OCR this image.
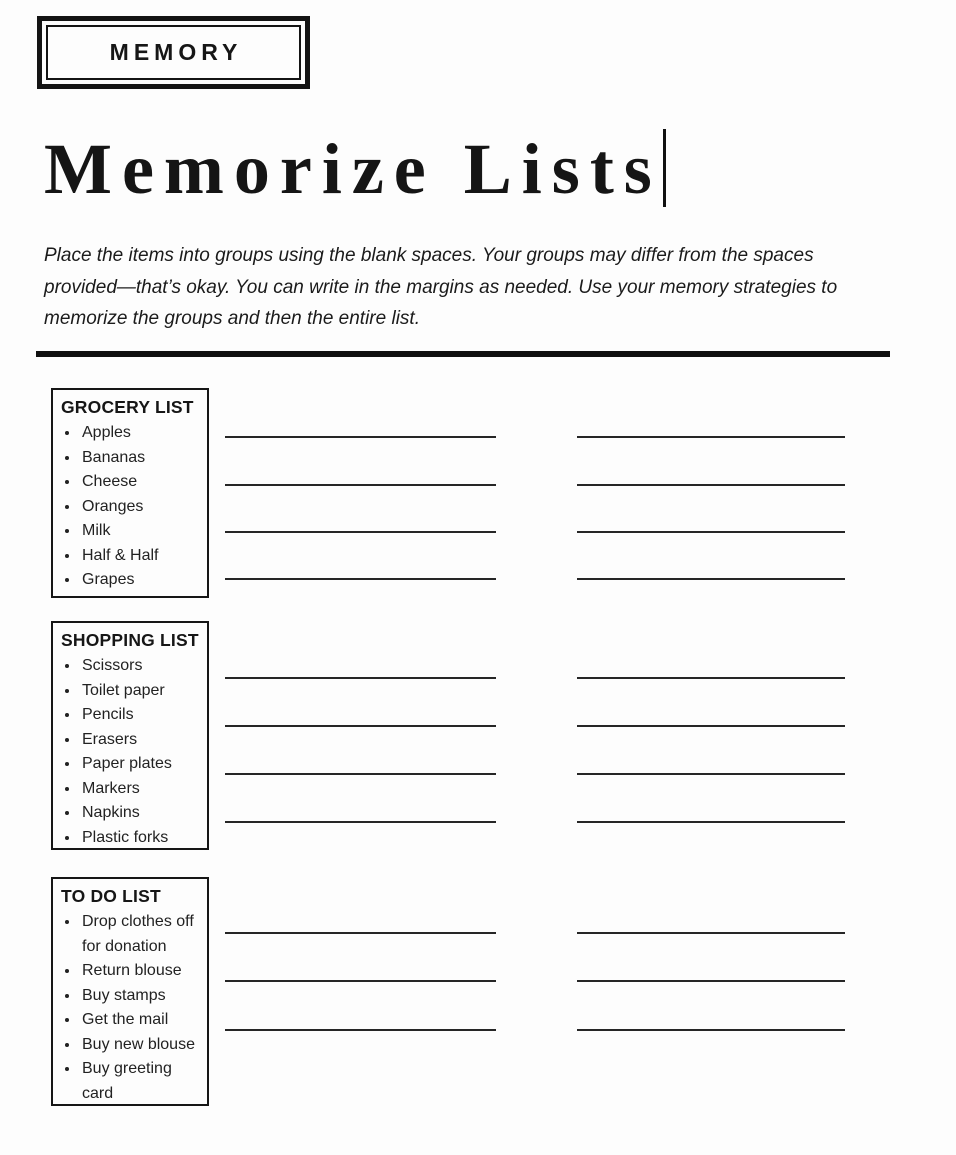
MEMORY
Memorize Lists

Place the items into groups using the blank spaces. Your groups may differ from the spaces provided—that’s okay. You can write in the margins as needed. Use your memory strategies to memorize the groups and then the entire list.

GROCERY LIST
• Apples
• Bananas
• Cheese
• Oranges
• Milk
• Half & Half
• Grapes
SHOPPING LIST
• Scissors
• Toilet paper
• Pencils
• Erasers
• Paper plates
• Markers
• Napkins
• Plastic forks
TO DO LIST
• Drop clothes off for donation
• Return blouse
• Buy stamps
• Get the mail
• Buy new blouse
• Buy greeting card
